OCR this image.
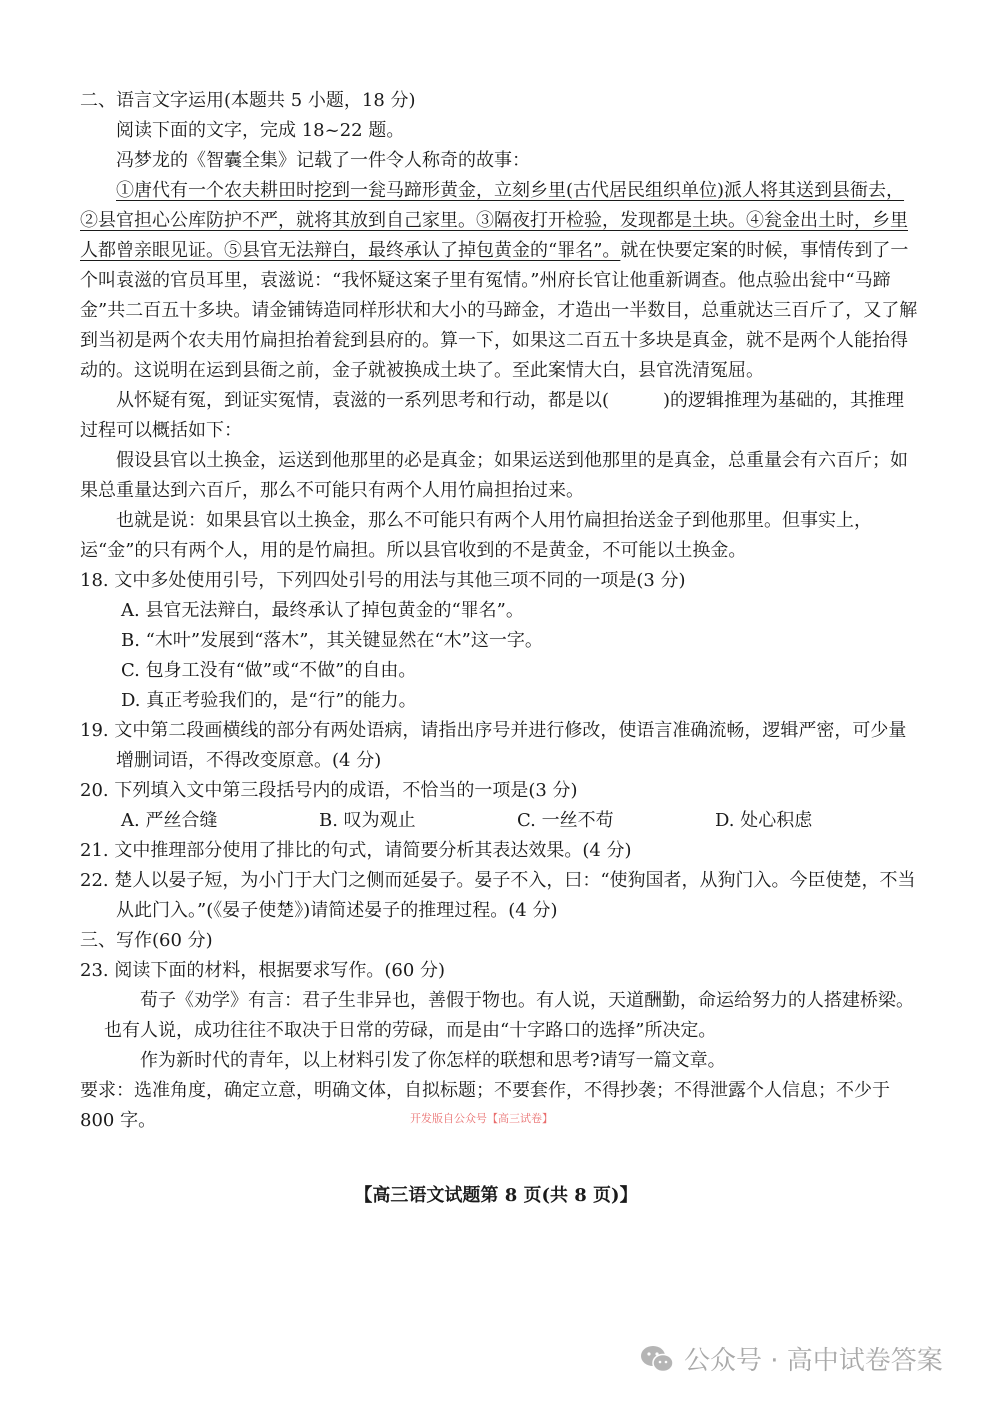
二、语言文字运用(本题共 5 小题，18 分)

阅读下面的文字，完成 18~22 题。

冯梦龙的《智囊全集》记载了一件令人称奇的故事：

①唐代有一个农夫耕田时挖到一瓮马蹄形黄金，立刻乡里(古代居民组织单位)派人将其送到县衙去，②县官担心公库防护不严，就将其放到自己家里。③隔夜打开检验，发现都是土块。④瓮金出土时，乡里人都曾亲眼见证。⑤县官无法辩白，最终承认了掉包黄金的“罪名”。就在快要定案的时候，事情传到了一个叫袁滋的官员耳里，袁滋说：“我怀疑这案子里有冤情。”州府长官让他重新调查。他点验出瓮中“马蹄金”共二百五十多块。请金铺铸造同样形状和大小的马蹄金，才造出一半数目，总重就达三百斤了，又了解到当初是两个农夫用竹扁担抬着瓮到县府的。算一下，如果这二百五十多块是真金，就不是两个人能抬得动的。这说明在运到县衙之前，金子就被换成土块了。至此案情大白，县官洗清冤屈。

从怀疑有冤，到证实冤情，袁滋的一系列思考和行动，都是以(　　　)的逻辑推理为基础的，其推理过程可以概括如下：

假设县官以土换金，运送到他那里的必是真金；如果运送到他那里的是真金，总重量会有六百斤；如果总重量达到六百斤，那么不可能只有两个人用竹扁担抬过来。

也就是说：如果县官以土换金，那么不可能只有两个人用竹扁担抬送金子到他那里。但事实上，运“金”的只有两个人，用的是竹扁担。所以县官收到的不是黄金，不可能以土换金。

18. 文中多处使用引号，下列四处引号的用法与其他三项不同的一项是(3 分)

A. 县官无法辩白，最终承认了掉包黄金的“罪名”。

B. “木叶”发展到“落木”，其关键显然在“木”这一字。

C. 包身工没有“做”或“不做”的自由。

D. 真正考验我们的，是“行”的能力。

19. 文中第二段画横线的部分有两处语病，请指出序号并进行修改，使语言准确流畅，逻辑严密，可少量增删词语，不得改变原意。(4 分)

20. 下列填入文中第三段括号内的成语，不恰当的一项是(3 分)

A. 严丝合缝	B. 叹为观止	C. 一丝不苟	D. 处心积虑

21. 文中推理部分使用了排比的句式，请简要分析其表达效果。(4 分)

22. 楚人以晏子短，为小门于大门之侧而延晏子。晏子不入，曰：“使狗国者，从狗门入。今臣使楚，不当从此门入。”(《晏子使楚》)请简述晏子的推理过程。(4 分)

三、写作(60 分)

23. 阅读下面的材料，根据要求写作。(60 分)

荀子《劝学》有言：君子生非异也，善假于物也。有人说，天道酬勤，命运给努力的人搭建桥梁。也有人说，成功往往不取决于日常的劳碌，而是由“十字路口的选择”所决定。

作为新时代的青年，以上材料引发了你怎样的联想和思考?请写一篇文章。

要求：选准角度，确定立意，明确文体，自拟标题；不要套作，不得抄袭；不得泄露个人信息；不少于 800 字。	开发版自公众号【高三试卷】
【高三语文试题第 8 页(共 8 页)】
公众号 · 高中试卷答案
